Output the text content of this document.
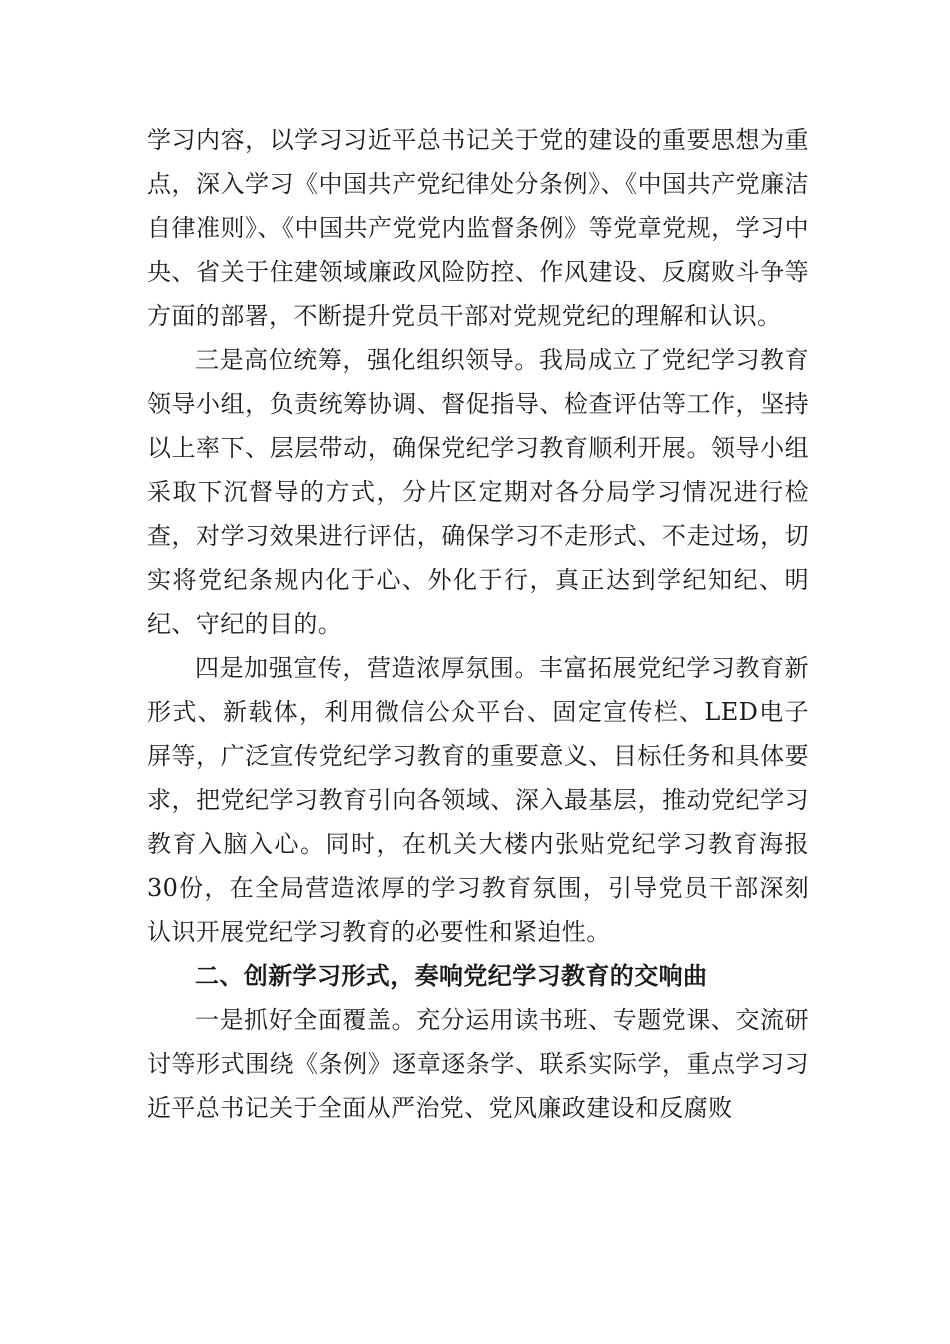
学习内容，以学习习近平总书记关于党的建设的重要思想为重点，深入学习《中国共产党纪律处分条例》、《中国共产党廉洁自律准则》、《中国共产党党内监督条例》等党章党规，学习中央、省关于住建领域廉政风险防控、作风建设、反腐败斗争等方面的部署，不断提升党员干部对党规党纪的理解和认识。

三是高位统筹，强化组织领导。我局成立了党纪学习教育领导小组，负责统筹协调、督促指导、检查评估等工作，坚持以上率下、层层带动，确保党纪学习教育顺利开展。领导小组采取下沉督导的方式，分片区定期对各分局学习情况进行检查，对学习效果进行评估，确保学习不走形式、不走过场，切实将党纪条规内化于心、外化于行，真正达到学纪知纪、明纪、守纪的目的。

四是加强宣传，营造浓厚氛围。丰富拓展党纪学习教育新形式、新载体，利用微信公众平台、固定宣传栏、LED电子屏等，广泛宣传党纪学习教育的重要意义、目标任务和具体要求，把党纪学习教育引向各领域、深入最基层，推动党纪学习教育入脑入心。同时，在机关大楼内张贴党纪学习教育海报30份，在全局营造浓厚的学习教育氛围，引导党员干部深刻认识开展党纪学习教育的必要性和紧迫性。

二、创新学习形式，奏响党纪学习教育的交响曲

一是抓好全面覆盖。充分运用读书班、专题党课、交流研讨等形式围绕《条例》逐章逐条学、联系实际学，重点学习习近平总书记关于全面从严治党、党风廉政建设和反腐败
